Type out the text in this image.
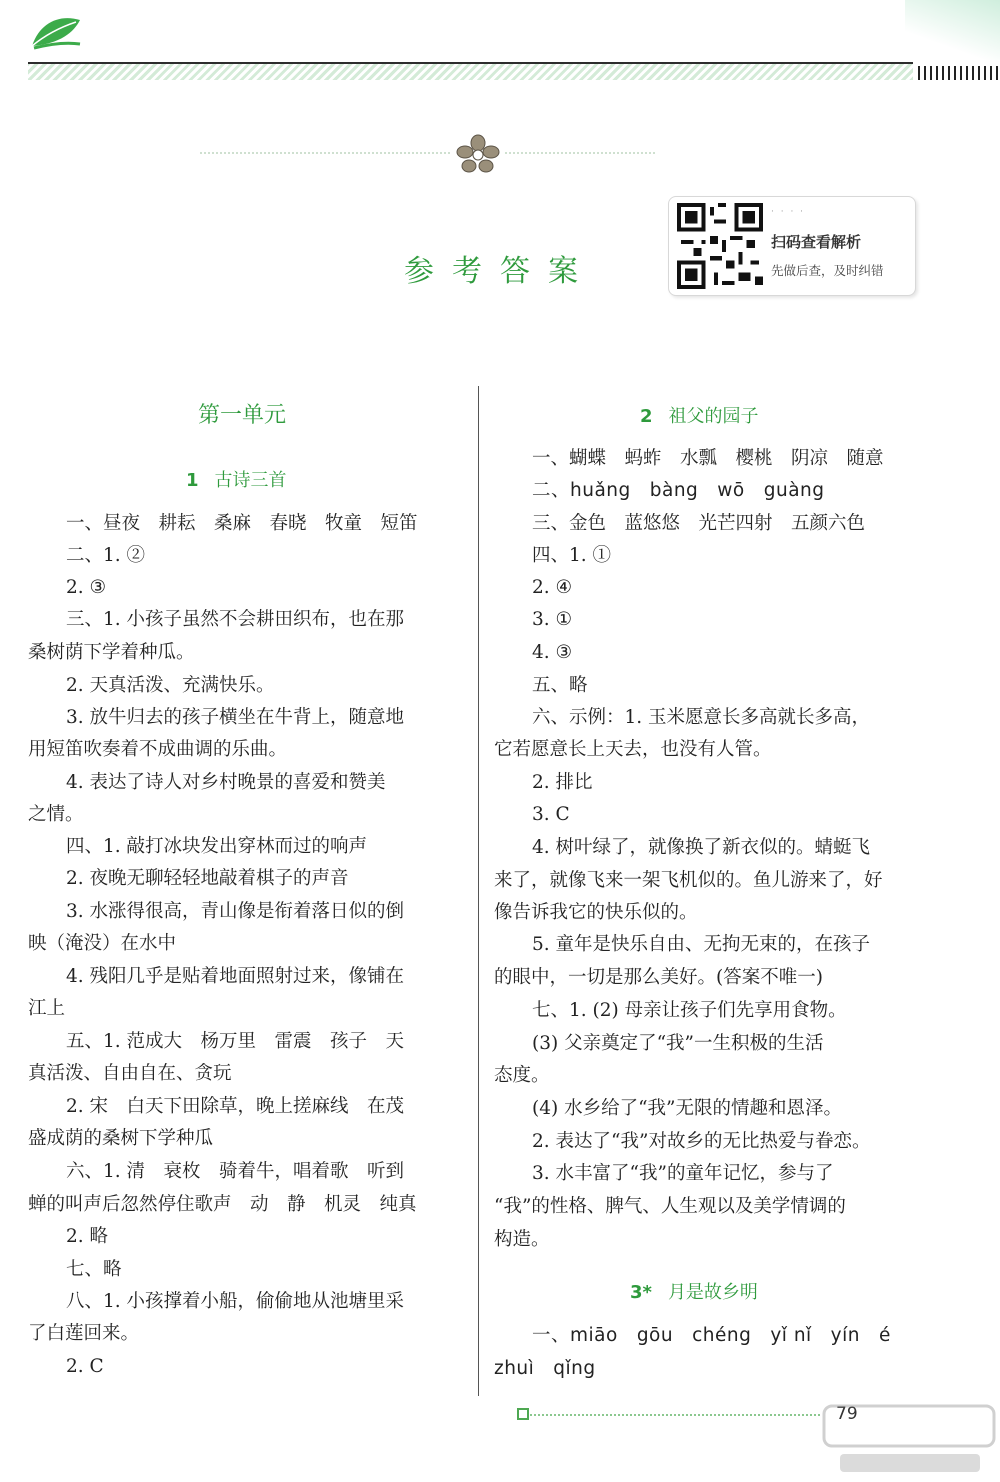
参考答案
· · · ·
扫码查看解析
先做后查，及时纠错
第一单元
1 古诗三首
一、昼夜　耕耘　桑麻　春晓　牧童　短笛
二、1. ②
2. ③
三、1. 小孩子虽然不会耕田织布，也在那
桑树荫下学着种瓜。
2. 天真活泼、充满快乐。
3. 放牛归去的孩子横坐在牛背上，随意地
用短笛吹奏着不成曲调的乐曲。
4. 表达了诗人对乡村晚景的喜爱和赞美
之情。
四、1. 敲打冰块发出穿林而过的响声
2. 夜晚无聊轻轻地敲着棋子的声音
3. 水涨得很高，青山像是衔着落日似的倒
映（淹没）在水中
4. 残阳几乎是贴着地面照射过来，像铺在
江上
五、1. 范成大　杨万里　雷震　孩子　天
真活泼、自由自在、贪玩
2. 宋　白天下田除草，晚上搓麻线　在茂
盛成荫的桑树下学种瓜
六、1. 清　衰枚　骑着牛，唱着歌　听到
蝉的叫声后忽然停住歌声　动　静　机灵　纯真
2. 略
七、略
八、1. 小孩撑着小船，偷偷地从池塘里采
了白莲回来。
2. C
2 祖父的园子
一、蝴蝶　蚂蚱　水瓢　樱桃　阴凉　随意
二、huǎng　bàng　wō　guàng
三、金色　蓝悠悠　光芒四射　五颜六色
四、1. ①
2. ④
3. ①
4. ③
五、略
六、示例：1. 玉米愿意长多高就长多高，
它若愿意长上天去，也没有人管。
2. 排比
3. C
4. 树叶绿了，就像换了新衣似的。蜻蜓飞
来了，就像飞来一架飞机似的。鱼儿游来了，好
像告诉我它的快乐似的。
5. 童年是快乐自由、无拘无束的，在孩子
的眼中，一切是那么美好。(答案不唯一)
七、1. (2) 母亲让孩子们先享用食物。
(3) 父亲奠定了“我”一生积极的生活
态度。
(4) 水乡给了“我”无限的情趣和恩泽。
2. 表达了“我”对故乡的无比热爱与眷恋。
3. 水丰富了“我”的童年记忆，参与了
“我”的性格、脾气、人生观以及美学情调的
构造。
3* 月是故乡明
一、miāo　gōu　chéng　yǐ nǐ　yín　é
zhuì　qǐng
79
